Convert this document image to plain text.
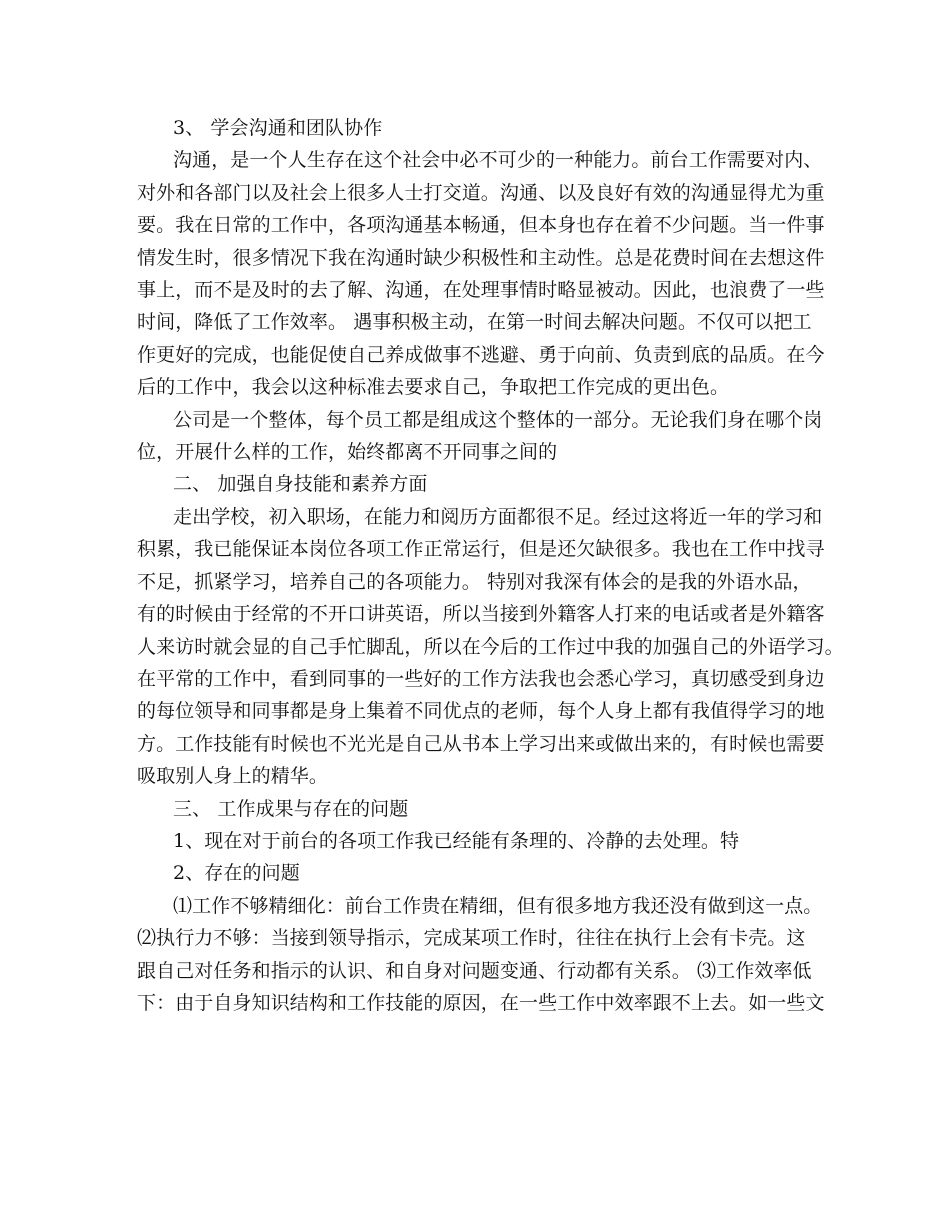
3、 学会沟通和团队协作
沟通，是一个人生存在这个社会中必不可少的一种能力。前台工作需要对内、
对外和各部门以及社会上很多人士打交道。沟通、以及良好有效的沟通显得尤为重
要。我在日常的工作中，各项沟通基本畅通，但本身也存在着不少问题。当一件事
情发生时，很多情况下我在沟通时缺少积极性和主动性。总是花费时间在去想这件
事上，而不是及时的去了解、沟通，在处理事情时略显被动。因此，也浪费了一些
时间，降低了工作效率。 遇事积极主动，在第一时间去解决问题。不仅可以把工
作更好的完成，也能促使自己养成做事不逃避、勇于向前、负责到底的品质。在今
后的工作中，我会以这种标准去要求自己，争取把工作完成的更出色。
公司是一个整体，每个员工都是组成这个整体的一部分。无论我们身在哪个岗
位，开展什么样的工作，始终都离不开同事之间的
二、 加强自身技能和素养方面
走出学校，初入职场，在能力和阅历方面都很不足。经过这将近一年的学习和
积累，我已能保证本岗位各项工作正常运行，但是还欠缺很多。我也在工作中找寻
不足，抓紧学习，培养自己的各项能力。 特别对我深有体会的是我的外语水品，
有的时候由于经常的不开口讲英语，所以当接到外籍客人打来的电话或者是外籍客
人来访时就会显的自己手忙脚乱，所以在今后的工作过中我的加强自己的外语学习。
在平常的工作中，看到同事的一些好的工作方法我也会悉心学习，真切感受到身边
的每位领导和同事都是身上集着不同优点的老师，每个人身上都有我值得学习的地
方。工作技能有时候也不光光是自己从书本上学习出来或做出来的，有时候也需要
吸取别人身上的精华。
三、 工作成果与存在的问题
1、现在对于前台的各项工作我已经能有条理的、冷静的去处理。特
2、存在的问题
⑴工作不够精细化：前台工作贵在精细，但有很多地方我还没有做到这一点。
⑵执行力不够：当接到领导指示，完成某项工作时，往往在执行上会有卡壳。这
跟自己对任务和指示的认识、和自身对问题变通、行动都有关系。 ⑶工作效率低
下：由于自身知识结构和工作技能的原因，在一些工作中效率跟不上去。如一些文
